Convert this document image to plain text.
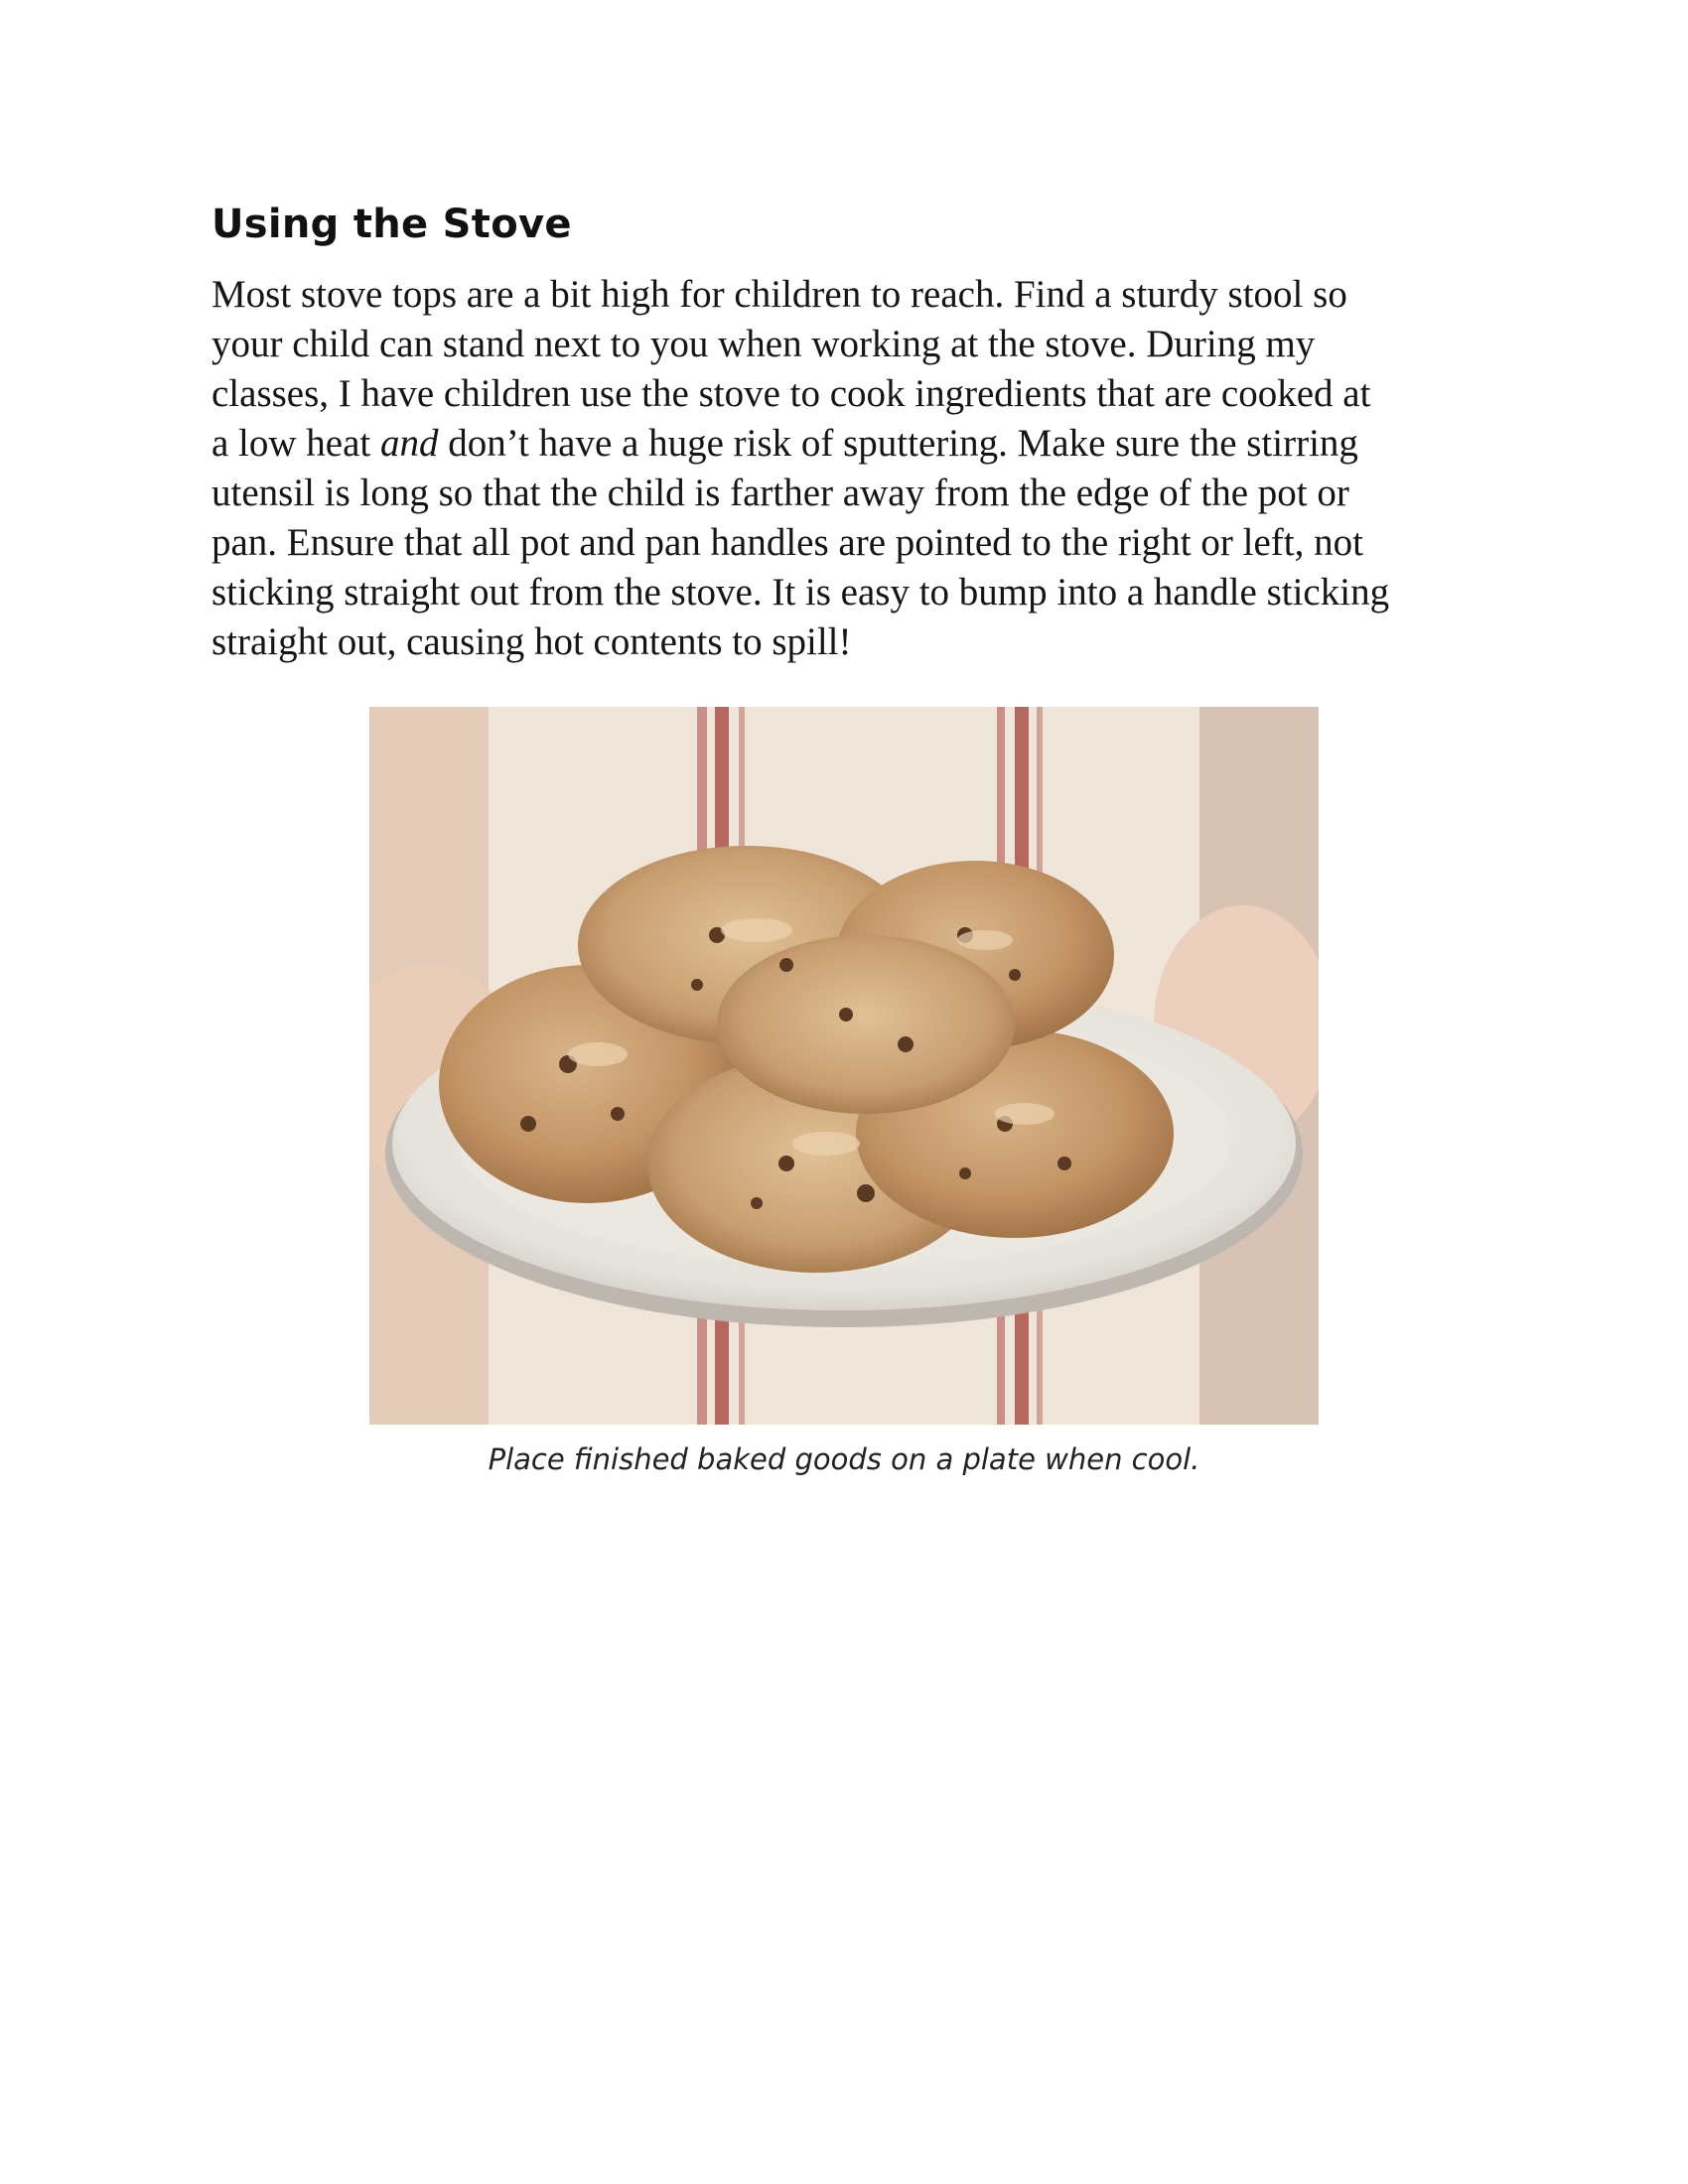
Using the Stove

Most stove tops are a bit high for children to reach. Find a sturdy stool so
your child can stand next to you when working at the stove. During my
classes, I have children use the stove to cook ingredients that are cooked at
a low heat and don’t have a huge risk of sputtering. Make sure the stirring
utensil is long so that the child is farther away from the edge of the pot or
pan. Ensure that all pot and pan handles are pointed to the right or left, not
sticking straight out from the stove. It is easy to bump into a handle sticking
straight out, causing hot contents to spill!

Place finished baked goods on a plate when cool.
